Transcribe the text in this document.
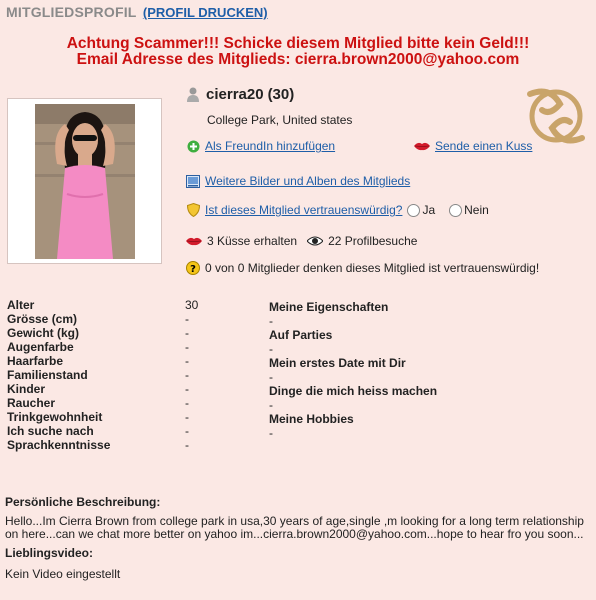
MITGLIEDSPROFIL (PROFIL DRUCKEN)
Achtung Scammer!!! Schicke diesem Mitglied bitte kein Geld!!!
Email Adresse des Mitglieds: cierra.brown2000@yahoo.com
cierra20 (30)
College Park, United states
Als FreundIn hinzufügen	Sende einen Kuss
Weitere Bilder und Alben des Mitglieds
Ist dieses Mitglied vertrauenswürdig? Ja Nein
3 Küsse erhalten	22 Profilbesuche
? 0 von 0 Mitglieder denken dieses Mitglied ist vertrauenswürdig!
Alter	30
Grösse (cm)	-
Gewicht (kg)	-
Augenfarbe	-
Haarfarbe	-
Familienstand	-
Kinder	-
Raucher	-
Trinkgewohnheit	-
Ich suche nach	-
Sprachkenntnisse	-
Meine Eigenschaften
-
Auf Parties
-
Mein erstes Date mit Dir
-
Dinge die mich heiss machen
-
Meine Hobbies
-

Persönliche Beschreibung:

Hello...Im Cierra Brown from college park in usa,30 years of age,single ,m looking for a long term relationship on here...can we chat more better on yahoo im...cierra.brown2000@yahoo.com...hope to hear fro you soon...

Lieblingsvideo:

Kein Video eingestellt
